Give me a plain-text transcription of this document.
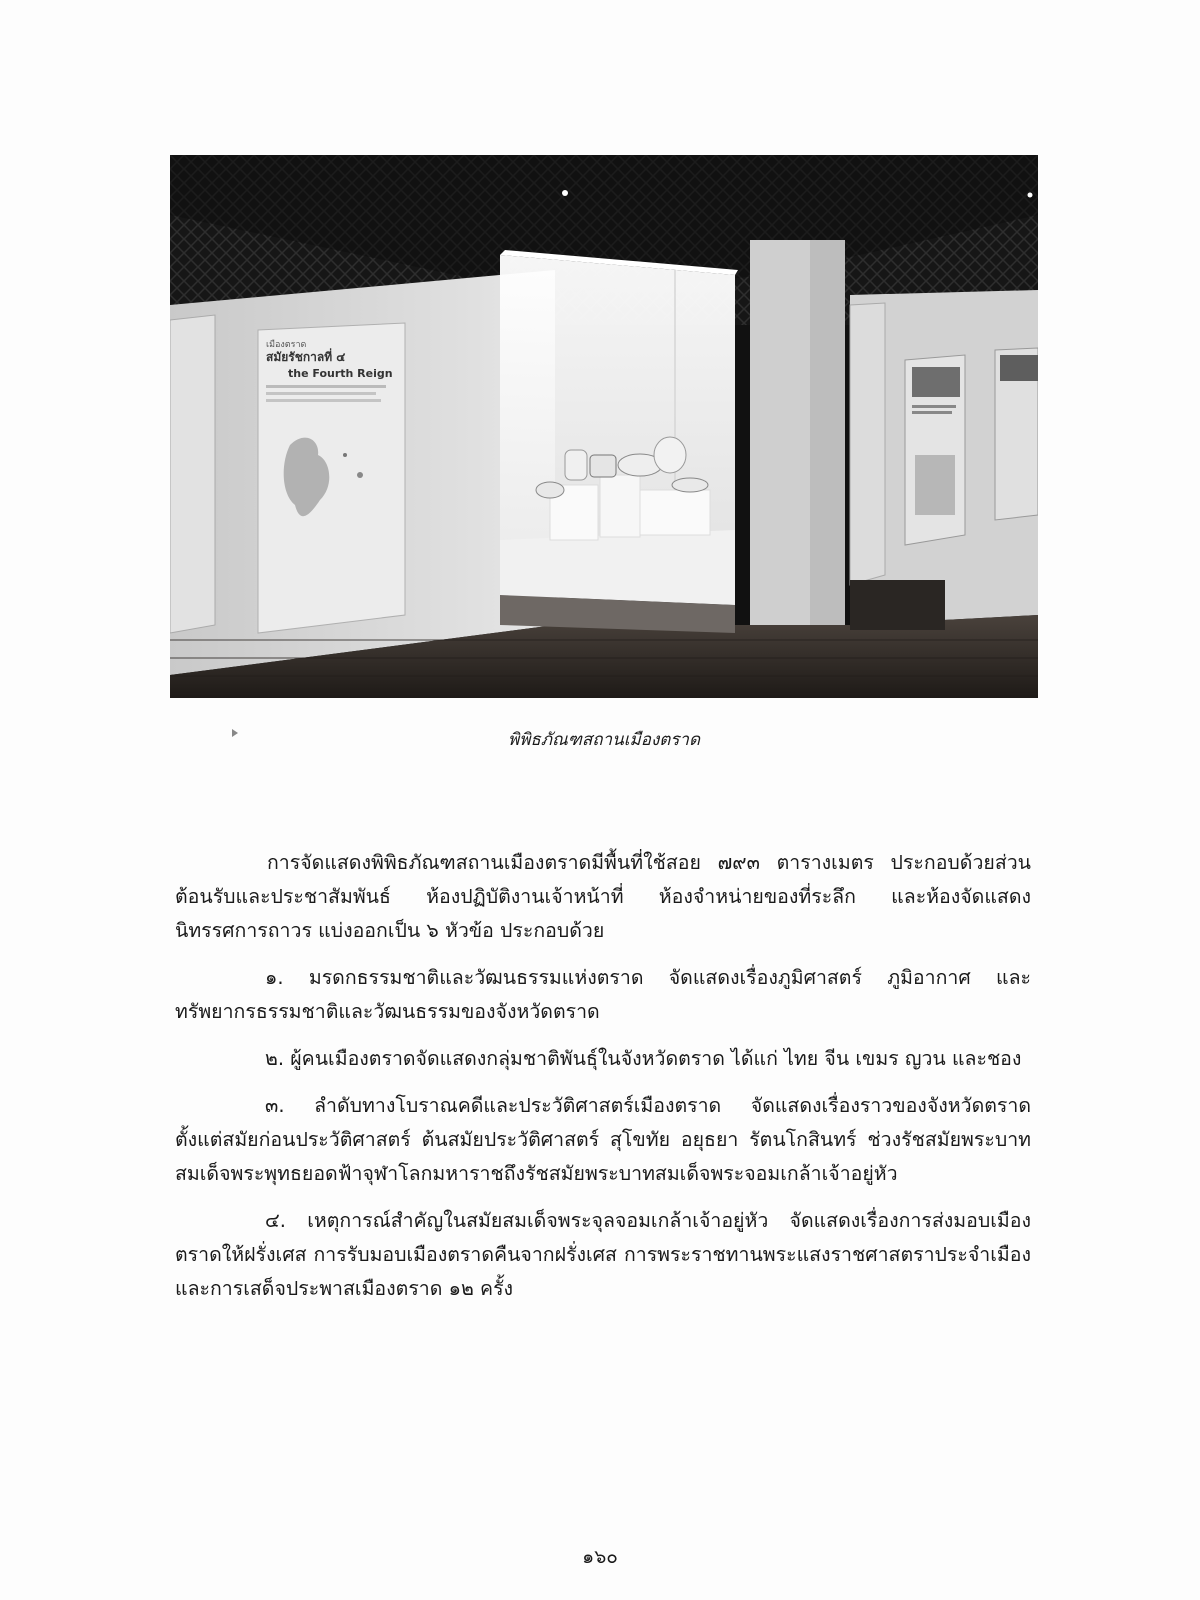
เมืองตราด
สมัยรัชกาลที่ ๔
the Fourth Reign
พิพิธภัณฑสถานเมืองตราด

การจัดแสดงพิพิธภัณฑสถานเมืองตราดมีพื้นที่ใช้สอย ๗๙๓ ตารางเมตร ประกอบด้วยส่วนต้อนรับและประชาสัมพันธ์ ห้องปฏิบัติงานเจ้าหน้าที่ ห้องจำหน่ายของที่ระลึก และห้องจัดแสดงนิทรรศการถาวร แบ่งออกเป็น ๖ หัวข้อ ประกอบด้วย

๑. มรดกธรรมชาติและวัฒนธรรมแห่งตราด จัดแสดงเรื่องภูมิศาสตร์ ภูมิอากาศ และทรัพยากรธรรมชาติและวัฒนธรรมของจังหวัดตราด

๒. ผู้คนเมืองตราดจัดแสดงกลุ่มชาติพันธุ์ในจังหวัดตราด ได้แก่ ไทย จีน เขมร ญวน และชอง

๓. ลำดับทางโบราณคดีและประวัติศาสตร์เมืองตราด จัดแสดงเรื่องราวของจังหวัดตราด ตั้งแต่สมัยก่อนประวัติศาสตร์ ต้นสมัยประวัติศาสตร์ สุโขทัย อยุธยา รัตนโกสินทร์ ช่วงรัชสมัยพระบาทสมเด็จพระพุทธยอดฟ้าจุฬาโลกมหาราชถึงรัชสมัยพระบาทสมเด็จพระจอมเกล้าเจ้าอยู่หัว

๔. เหตุการณ์สำคัญในสมัยสมเด็จพระจุลจอมเกล้าเจ้าอยู่หัว จัดแสดงเรื่องการส่งมอบเมืองตราดให้ฝรั่งเศส การรับมอบเมืองตราดคืนจากฝรั่งเศส การพระราชทานพระแสงราชศาสตราประจำเมือง และการเสด็จประพาสเมืองตราด ๑๒ ครั้ง

๑๖๐
